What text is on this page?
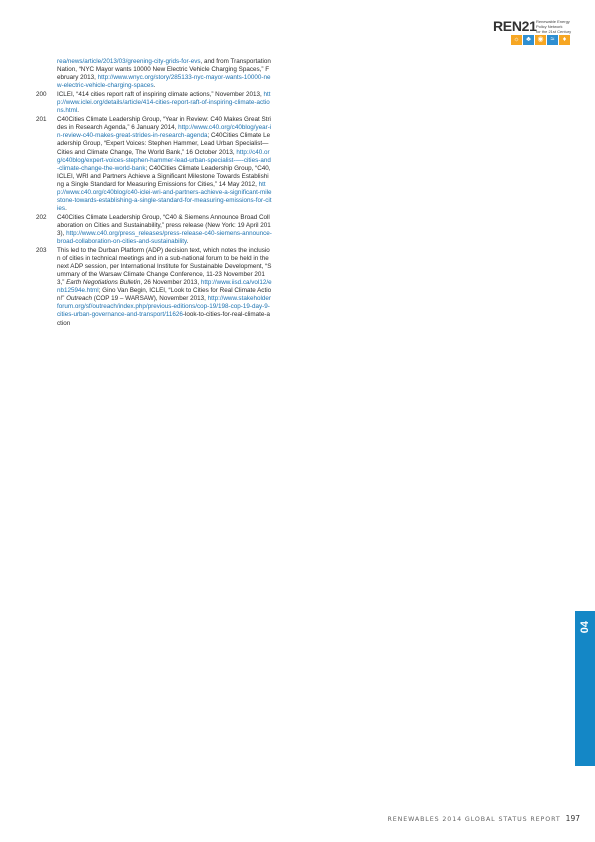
REN21 Renewable Energy
Policy Network
for the 21st Century
☼ ♣ ◉	≈	♦
rea/news/article/2013/03/greening-city-grids-for-evs, and from Transportation Nation, “NYC Mayor wants 10000 New Electric Vehicle Charging Spaces,” February 2013, http://www.wnyc.org/story/285133-nyc-mayor-wants-10000-new-electric-vehicle-charging-spaces.
200 ICLEI, “414 cities report raft of inspiring climate actions,” November 2013, http://www.iclei.org/details/article/414-cities-report-raft-of-inspiring-climate-actions.html.
201 C40Cities Climate Leadership Group, “Year in Review: C40 Makes Great Strides in Research Agenda,” 6 January 2014, http://www.c40.org/c40blog/year-in-review-c40-makes-great-strides-in-research-agenda; C40Cities Climate Leadership Group, “Expert Voices: Stephen Hammer, Lead Urban Specialist—Cities and Climate Change, The World Bank,” 16 October 2013, http://c40.org/c40blog/expert-voices-stephen-hammer-lead-urban-specialist-—-cities-and-climate-change-the-world-bank; C40Cities Climate Leadership Group, “C40, ICLEI, WRI and Partners Achieve a Significant Milestone Towards Establishing a Single Standard for Measuring Emissions for Cities,” 14 May 2012, http://www.c40.org/c40blog/c40-iclei-wri-and-partners-achieve-a-significant-milestone-towards-establishing-a-single-standard-for-measuring-emissions-for-cities.
202 C40Cities Climate Leadership Group, “C40 & Siemens Announce Broad Collaboration on Cities and Sustainability,” press release (New York: 19 April 2013), http://www.c40.org/press_releases/press-release-c40-siemens-announce-broad-collaboration-on-cities-and-sustainability.
203 This led to the Durban Platform (ADP) decision text, which notes the inclusion of cities in technical meetings and in a sub-national forum to be held in the next ADP session, per International Institute for Sustainable Development, “Summary of the Warsaw Climate Change Conference, 11-23 November 2013,” Earth Negotiations Bulletin, 26 November 2013, http://www.iisd.ca/vol12/enb12594e.html; Gino Van Begin, ICLEI, “Look to Cities for Real Climate Action!” Outreach (COP 19 – WARSAW), November 2013, http://www.stakeholderforum.org/sf/outreach/index.php/previous-editions/cop-19/198-cop-19-day-9-cities-urban-governance-and-transport/11626-look-to-cities-for-real-climate-action
04
RENEWABLES 2014 GLOBAL STATUS REPORT 197
